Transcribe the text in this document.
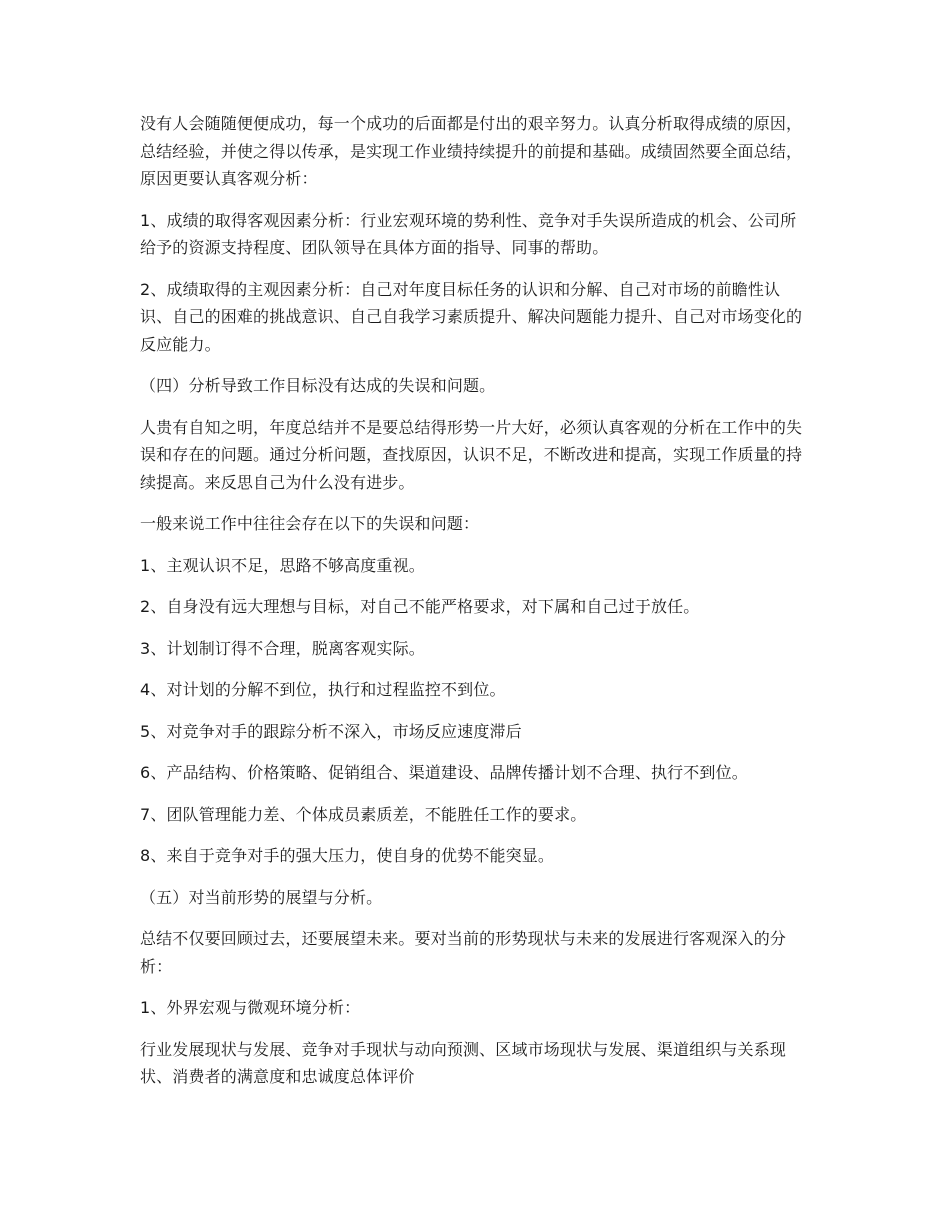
没有人会随随便便成功，每一个成功的后面都是付出的艰辛努力。认真分析取得成绩的原因，总结经验，并使之得以传承，是实现工作业绩持续提升的前提和基础。成绩固然要全面总结，原因更要认真客观分析：

1、成绩的取得客观因素分析：行业宏观环境的势利性、竞争对手失误所造成的机会、公司所给予的资源支持程度、团队领导在具体方面的指导、同事的帮助。

2、成绩取得的主观因素分析：自己对年度目标任务的认识和分解、自己对市场的前瞻性认识、自己的困难的挑战意识、自己自我学习素质提升、解决问题能力提升、自己对市场变化的反应能力。

（四）分析导致工作目标没有达成的失误和问题。

人贵有自知之明，年度总结并不是要总结得形势一片大好，必须认真客观的分析在工作中的失误和存在的问题。通过分析问题，查找原因，认识不足，不断改进和提高，实现工作质量的持续提高。来反思自己为什么没有进步。

一般来说工作中往往会存在以下的失误和问题：

1、主观认识不足，思路不够高度重视。

2、自身没有远大理想与目标，对自己不能严格要求，对下属和自己过于放任。

3、计划制订得不合理，脱离客观实际。

4、对计划的分解不到位，执行和过程监控不到位。

5、对竞争对手的跟踪分析不深入，市场反应速度滞后

6、产品结构、价格策略、促销组合、渠道建设、品牌传播计划不合理、执行不到位。

7、团队管理能力差、个体成员素质差，不能胜任工作的要求。

8、来自于竞争对手的强大压力，使自身的优势不能突显。

（五）对当前形势的展望与分析。

总结不仅要回顾过去，还要展望未来。要对当前的形势现状与未来的发展进行客观深入的分析：

1、外界宏观与微观环境分析：

行业发展现状与发展、竞争对手现状与动向预测、区域市场现状与发展、渠道组织与关系现状、消费者的满意度和忠诚度总体评价
